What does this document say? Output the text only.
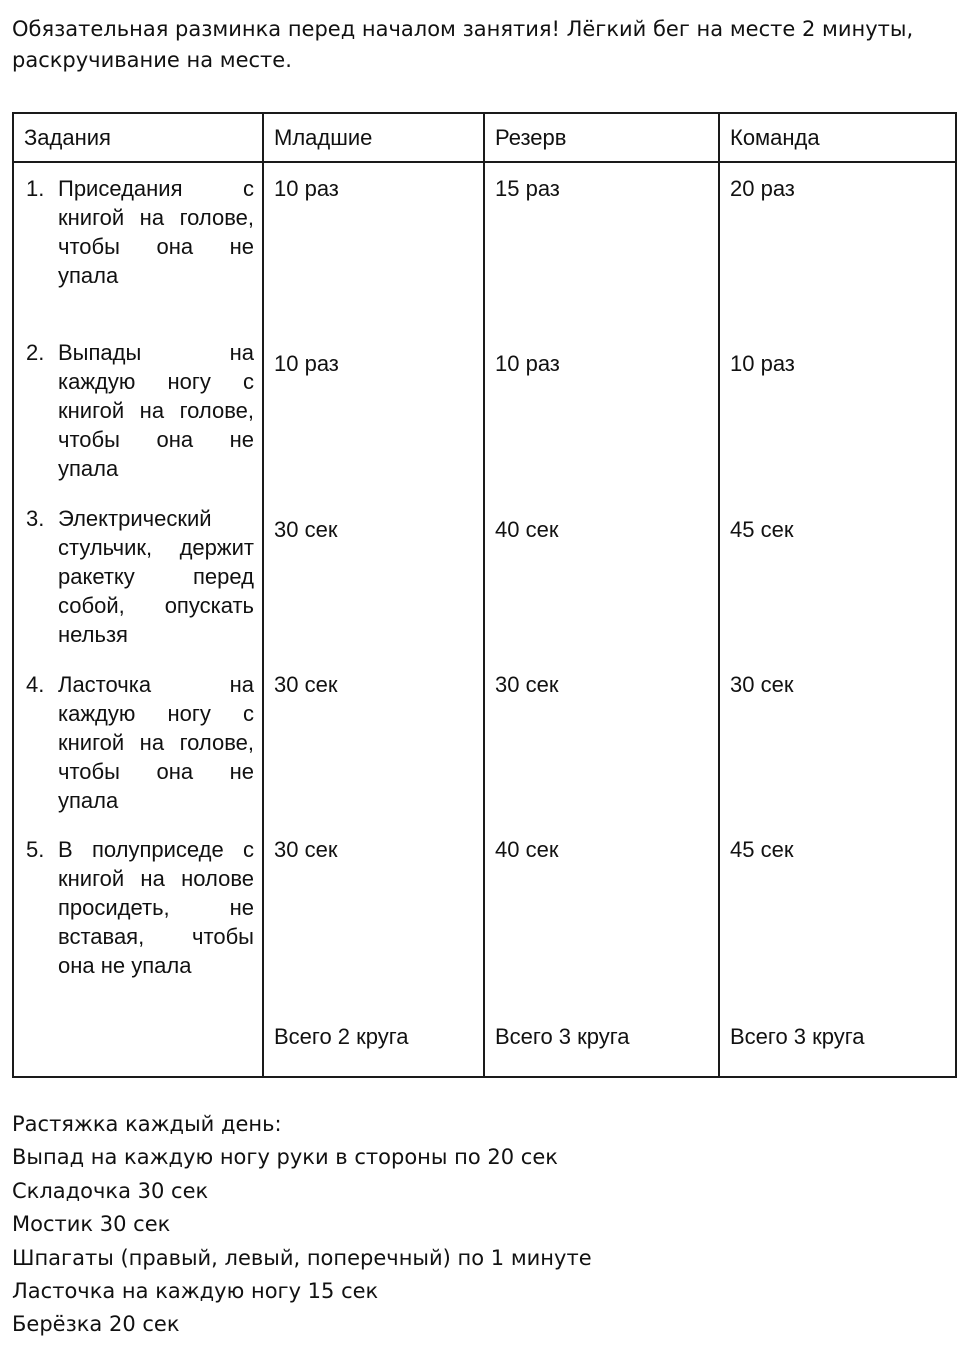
Обязательная разминка перед началом занятия! Лёгкий бег на месте 2 минуты, раскручивание на месте.

Задания	Младшие	Резерв	Команда

1. Приседания с книгой на голове, чтобы она не упала	10 раз	15 раз	20 раз

2. Выпады на каждую ногу с книгой на голове, чтобы она не упала	10 раз	10 раз	10 раз

3. Электрический стульчик, держит ракетку перед собой, опускать нельзя	30 сек	40 сек	45 сек

4. Ласточка на каждую ногу с книгой на голове, чтобы она не упала	30 сек	30 сек	30 сек

5. В полуприседе с книгой на нолове просидеть, не вставая, чтобы она не упала	30 сек	40 сек	45 сек
	Всего 2 круга	Всего 3 круга	Всего 3 круга
Растяжка каждый день:
Выпад на каждую ногу руки в стороны по 20 сек
Складочка 30 сек
Мостик 30 сек
Шпагаты (правый, левый, поперечный) по 1 минуте
Ласточка на каждую ногу 15 сек
Берёзка 20 сек
